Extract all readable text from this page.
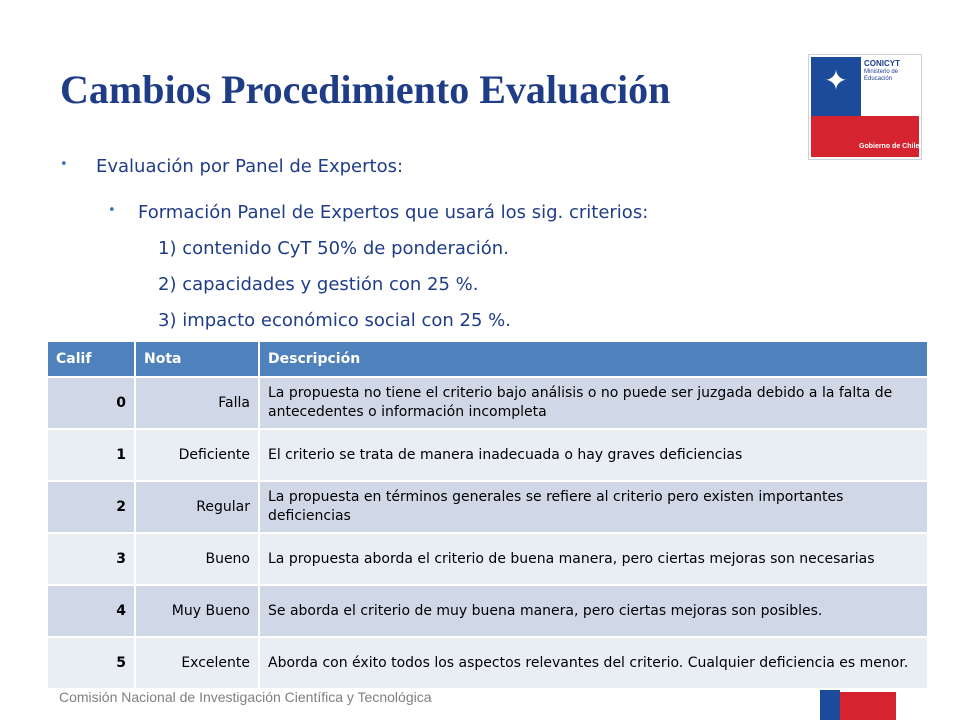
Cambios Procedimiento Evaluación	✦
CONICYT
Ministerio de Educación
Gobierno de Chile
• Evaluación por Panel de Expertos:
• Formación Panel de Expertos que usará los sig. criterios:
1) contenido CyT 50% de ponderación.
2) capacidades y gestión con 25 %.
3) impacto económico social con 25 %.
Calif	Nota	Descripción
0	Falla	La propuesta no tiene el criterio bajo análisis o no puede ser juzgada debido a la falta de antecedentes o información incompleta
1	Deficiente	El criterio se trata de manera inadecuada o hay graves deficiencias
2	Regular	La propuesta en términos generales se refiere al criterio pero existen importantes deficiencias
3	Bueno	La propuesta aborda el criterio de buena manera, pero ciertas mejoras son necesarias
4	Muy Bueno	Se aborda el criterio de muy buena manera, pero ciertas mejoras son posibles.
5	Excelente	Aborda con éxito todos los aspectos relevantes del criterio. Cualquier deficiencia es menor.
Comisión Nacional de Investigación Científica y Tecnológica
